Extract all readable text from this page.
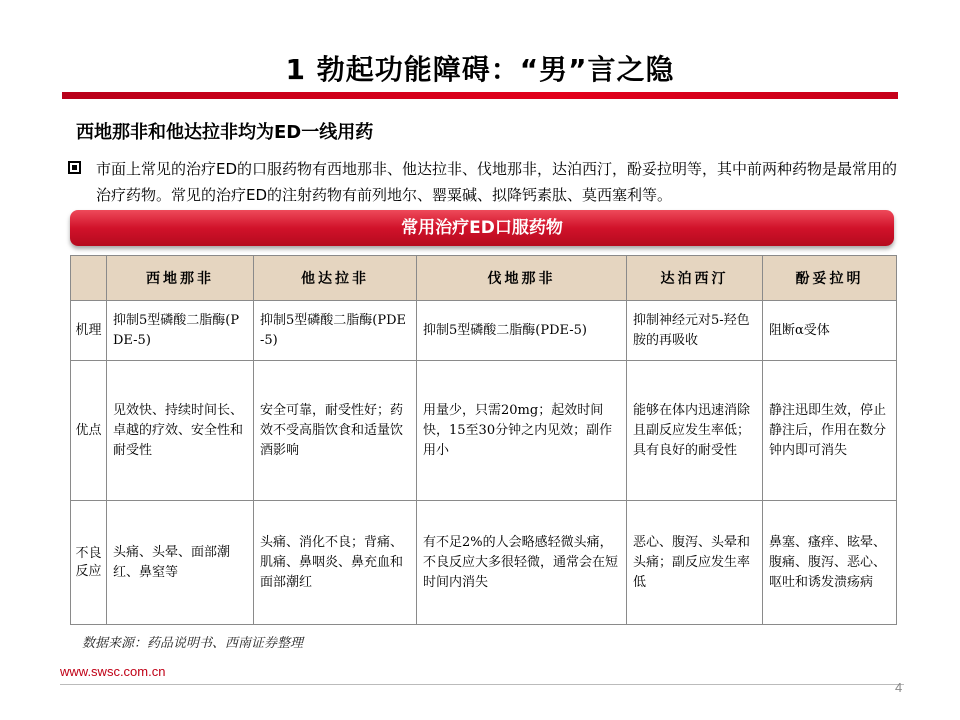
1 勃起功能障碍：“男”言之隐
西地那非和他达拉非均为ED一线用药
市面上常见的治疗ED的口服药物有西地那非、他达拉非、伐地那非，达泊西汀，酚妥拉明等，其中前两种药物是最常用的治疗药物。常见的治疗ED的注射药物有前列地尔、罂粟碱、拟降钙素肽、莫西塞利等。
常用治疗ED口服药物
	西地那非	他达拉非	伐地那非	达泊西汀	酚妥拉明
机理	抑制5型磷酸二脂酶(PDE-5)	抑制5型磷酸二脂酶(PDE-5)	抑制5型磷酸二脂酶(PDE-5)	抑制神经元对5-羟色胺的再吸收	阻断α受体
优点	见效快、持续时间长、卓越的疗效、安全性和耐受性	安全可靠，耐受性好；药效不受高脂饮食和适量饮酒影响	用量少，只需20mg；起效时间快，15至30分钟之内见效；副作用小	能够在体内迅速消除且副反应发生率低；具有良好的耐受性	静注迅即生效，停止静注后，作用在数分钟内即可消失
不良反应	头痛、头晕、面部潮红、鼻窒等	头痛、消化不良；背痛、肌痛、鼻咽炎、鼻充血和面部潮红	有不足2%的人会略感轻微头痛，不良反应大多很轻微，通常会在短时间内消失	恶心、腹泻、头晕和头痛；副反应发生率低	鼻塞、瘙痒、眩晕、腹痛、腹泻、恶心、呕吐和诱发溃疡病
数据来源：药品说明书、西南证券整理
www.swsc.com.cn
4
